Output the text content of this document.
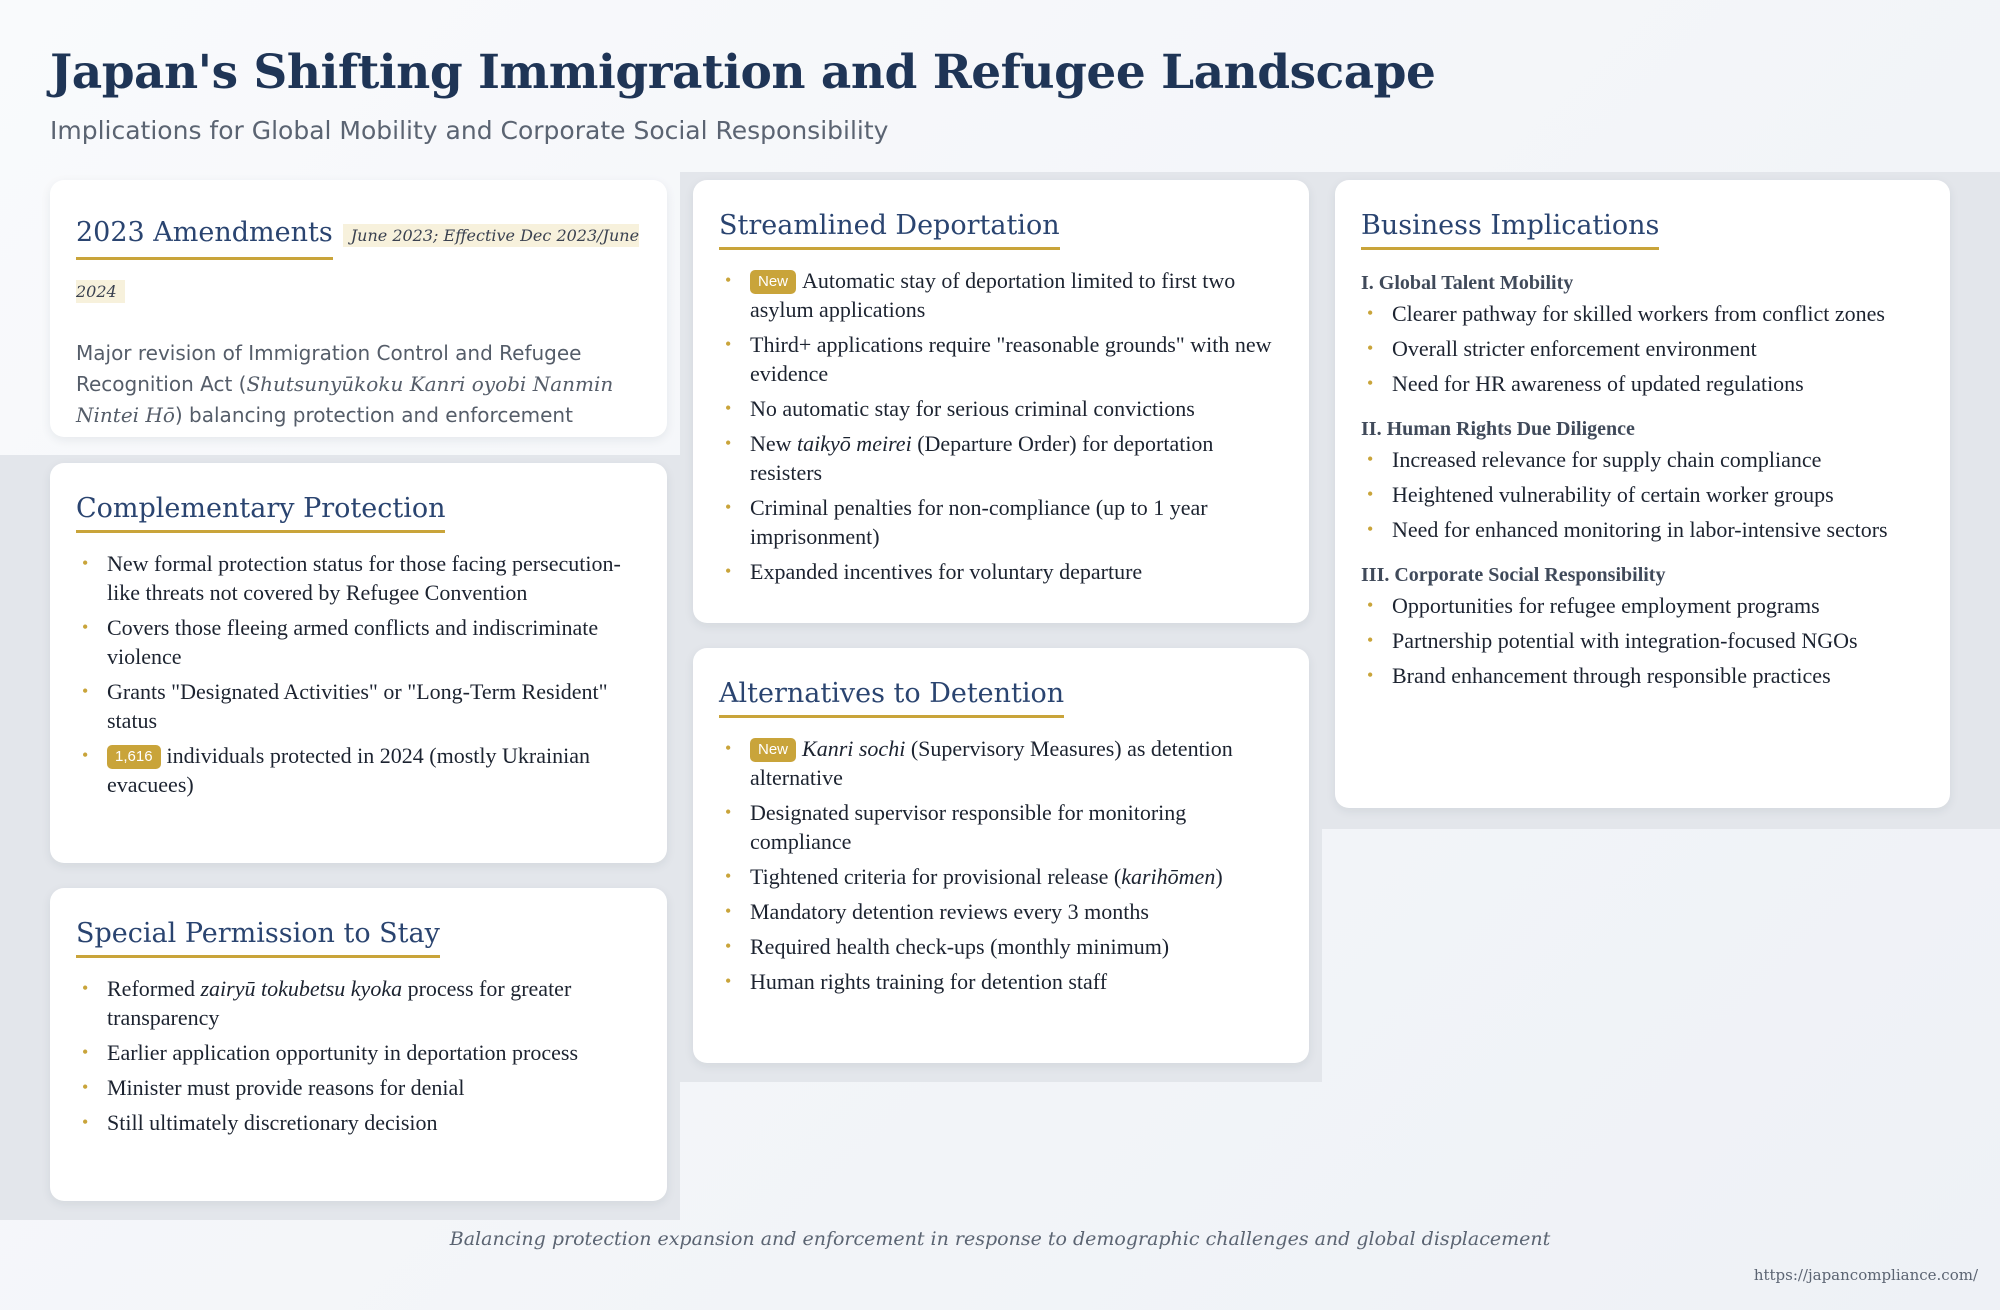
Japan's Shifting Immigration and Refugee Landscape
Implications for Global Mobility and Corporate Social Responsibility
2023 Amendments June 2023; Effective Dec 2023/June 2024
Major revision of Immigration Control and Refugee Recognition Act (Shutsunyūkoku Kanri oyobi Nanmin Nintei Hō) balancing protection and enforcement
Complementary Protection
• New formal protection status for those facing persecution-like threats not covered by Refugee Convention
• Covers those fleeing armed conflicts and indiscriminate violence
• Grants "Designated Activities" or "Long-Term Resident" status
• 1,616 individuals protected in 2024 (mostly Ukrainian evacuees)
Special Permission to Stay
• Reformed zairyū tokubetsu kyoka process for greater transparency
• Earlier application opportunity in deportation process
• Minister must provide reasons for denial
• Still ultimately discretionary decision
Streamlined Deportation
• New Automatic stay of deportation limited to first two asylum applications
• Third+ applications require "reasonable grounds" with new evidence
• No automatic stay for serious criminal convictions
• New taikyō meirei (Departure Order) for deportation resisters
• Criminal penalties for non-compliance (up to 1 year imprisonment)
• Expanded incentives for voluntary departure
Alternatives to Detention
• New Kanri sochi (Supervisory Measures) as detention alternative
• Designated supervisor responsible for monitoring compliance
• Tightened criteria for provisional release (karihōmen)
• Mandatory detention reviews every 3 months
• Required health check-ups (monthly minimum)
• Human rights training for detention staff
Business Implications
I. Global Talent Mobility
• Clearer pathway for skilled workers from conflict zones
• Overall stricter enforcement environment
• Need for HR awareness of updated regulations
II. Human Rights Due Diligence
• Increased relevance for supply chain compliance
• Heightened vulnerability of certain worker groups
• Need for enhanced monitoring in labor-intensive sectors
III. Corporate Social Responsibility
• Opportunities for refugee employment programs
• Partnership potential with integration-focused NGOs
• Brand enhancement through responsible practices
Balancing protection expansion and enforcement in response to demographic challenges and global displacement
https://japancompliance.com/
